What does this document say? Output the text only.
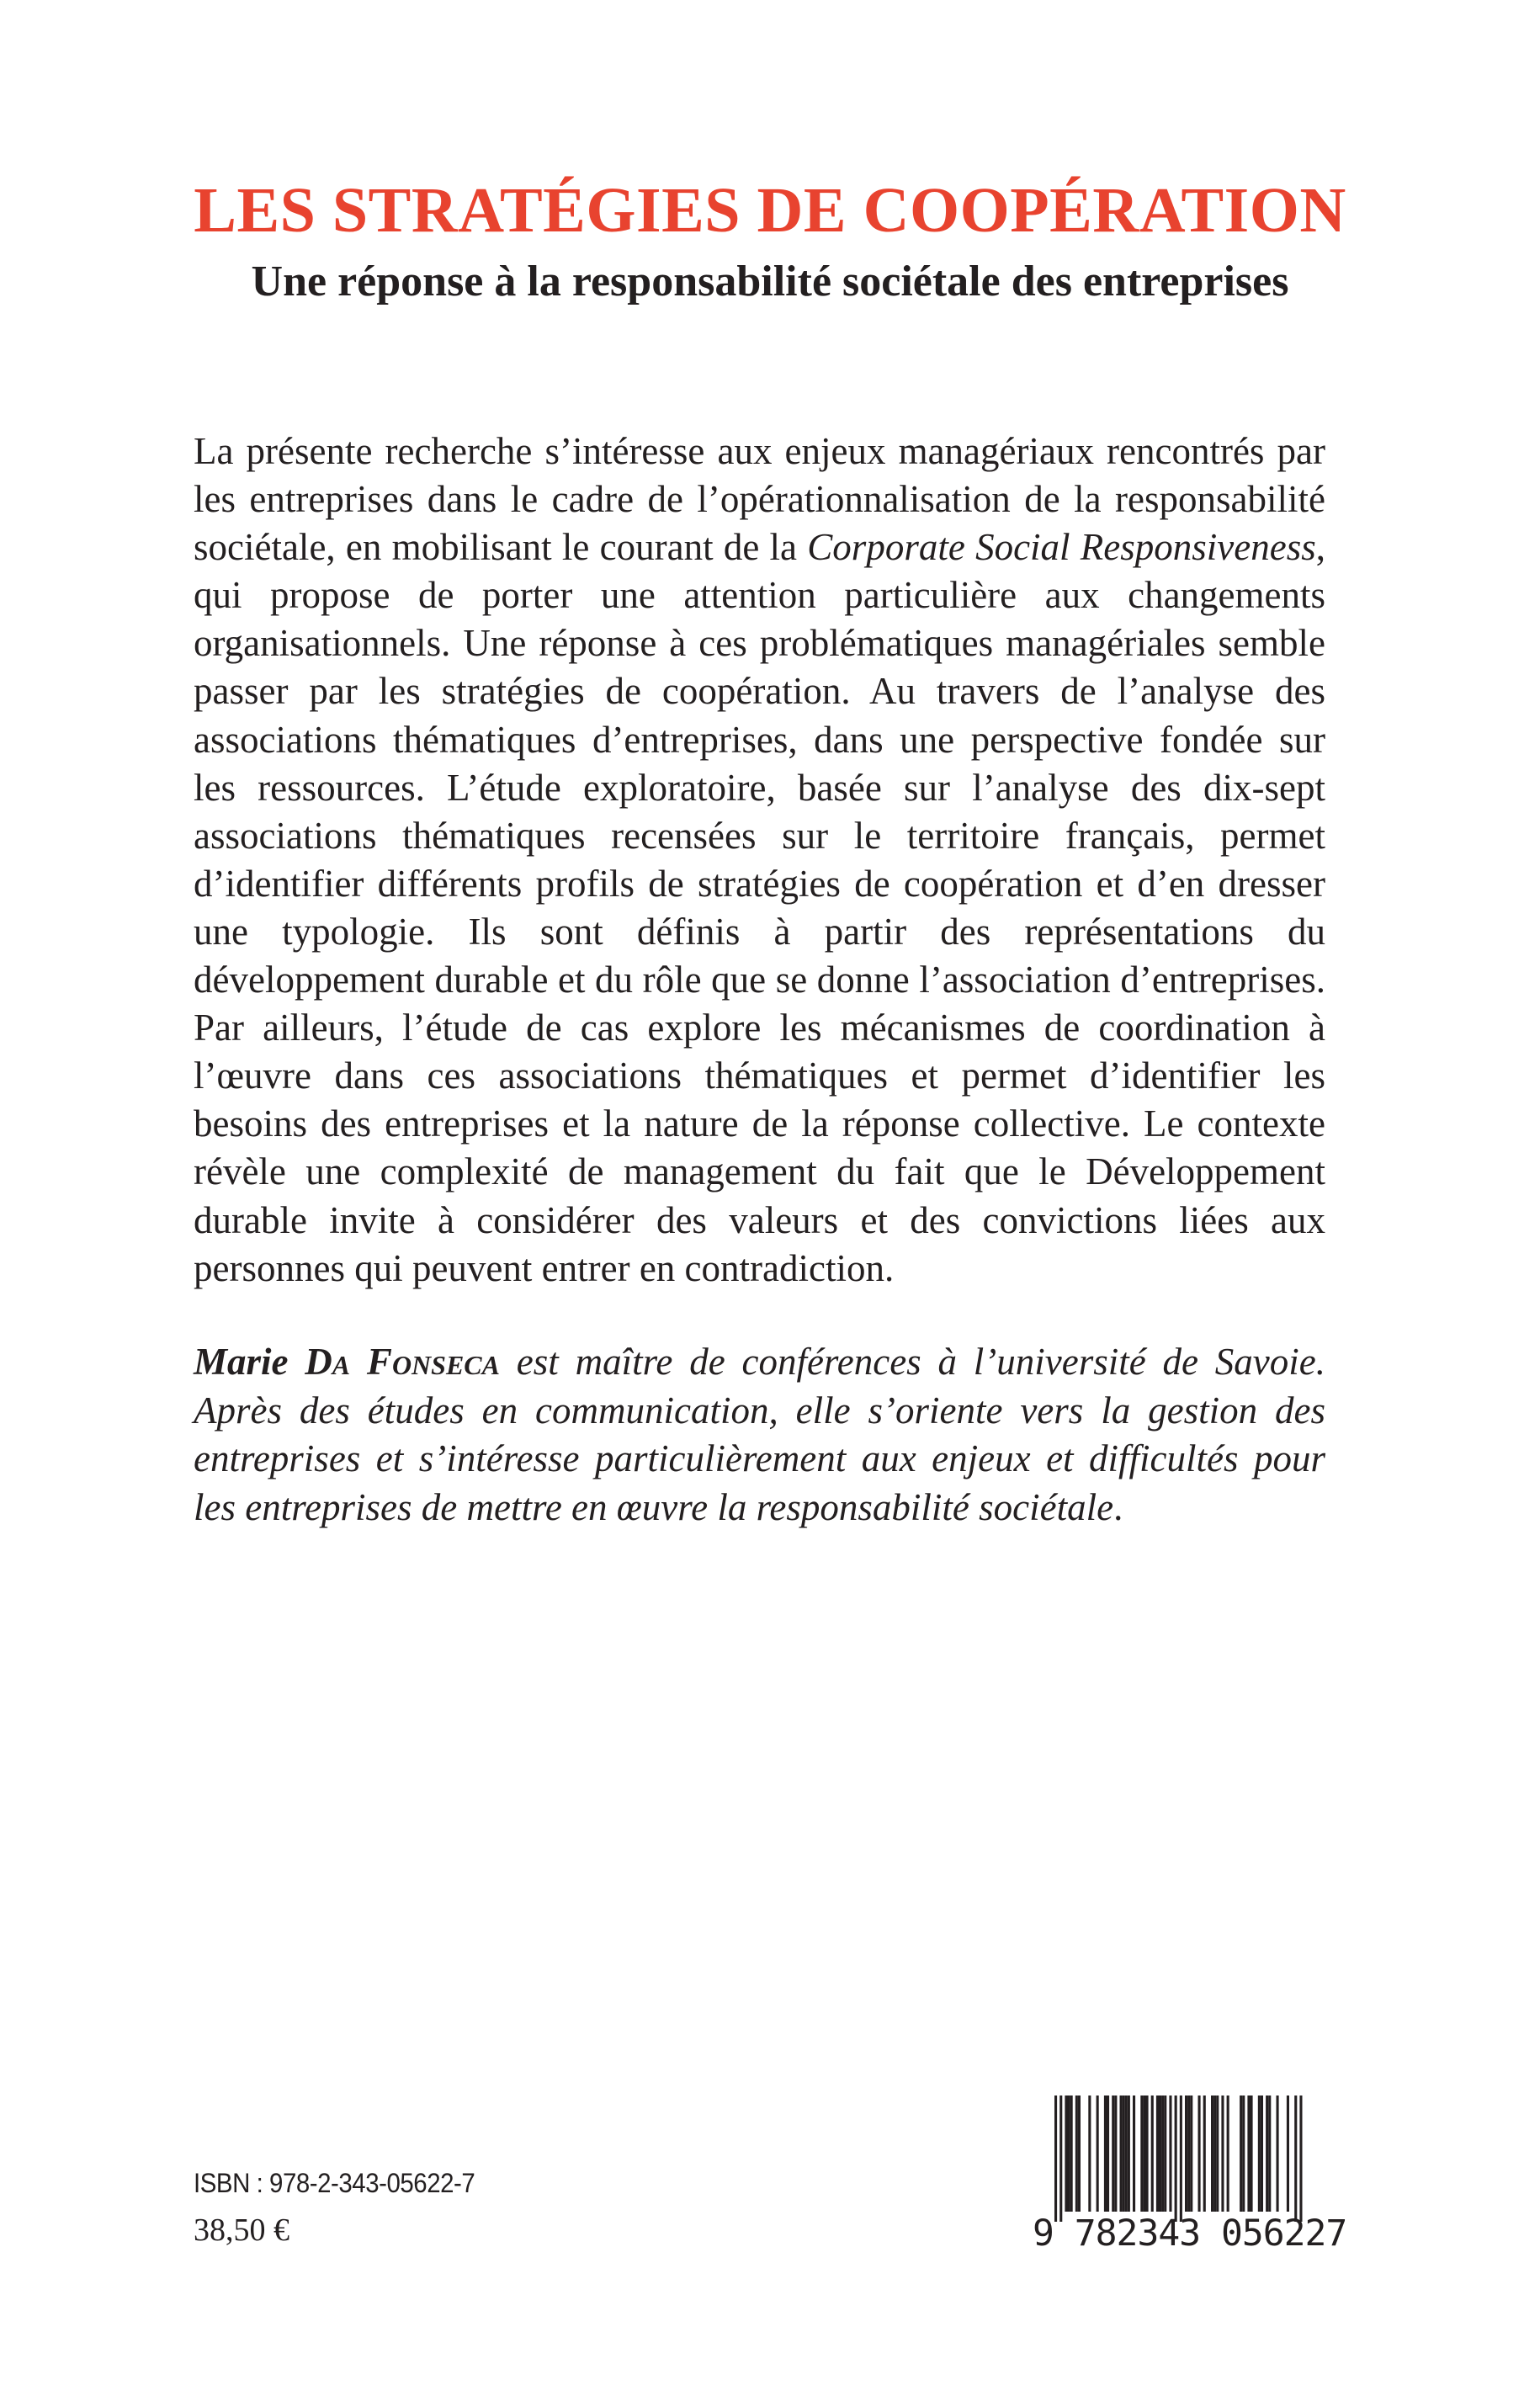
LES STRATÉGIES DE COOPÉRATION
Une réponse à la responsabilité sociétale des entreprises

La présente recherche s’intéresse aux enjeux managériaux rencontrés par les entreprises dans le cadre de l’opérationnalisation de la responsabilité sociétale, en mobilisant le courant de la Corporate Social Responsiveness, qui propose de porter une attention particulière aux changements organisationnels. Une réponse à ces problématiques managériales semble passer par les stratégies de coopération. Au travers de l’analyse des associations thématiques d’entreprises, dans une perspective fondée sur les ressources. L’étude exploratoire, basée sur l’analyse des dix-sept associations thématiques recensées sur le territoire français, permet d’identifier différents profils de stratégies de coopération et d’en dresser une typologie. Ils sont définis à partir des représentations du développement durable et du rôle que se donne l’association d’entreprises. Par ailleurs, l’étude de cas explore les mécanismes de coordination à l’œuvre dans ces associations thématiques et permet d’identifier les besoins des entreprises et la nature de la réponse collective. Le contexte révèle une complexité de management du fait que le Développement durable invite à considérer des valeurs et des convictions liées aux personnes qui peuvent entrer en contradiction.

Marie Da Fonseca est maître de conférences à l’université de Savoie. Après des études en communication, elle s’oriente vers la gestion des entreprises et s’intéresse particulièrement aux enjeux et difficultés pour les entreprises de mettre en œuvre la responsabilité sociétale.

ISBN : 978-2-343-05622-7

38,50 €	9 782343 056227
